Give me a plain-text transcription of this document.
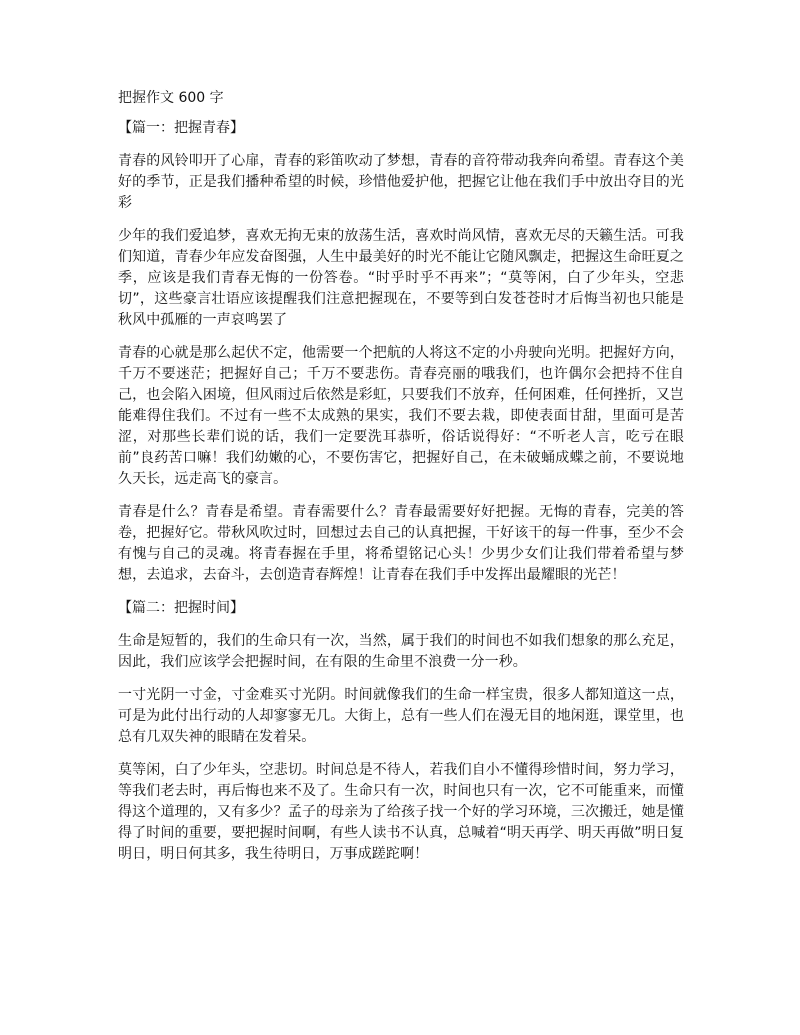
把握作文 600 字
【篇一：把握青春】

青春的风铃叩开了心扉，青春的彩笛吹动了梦想，青春的音符带动我奔向希望。青春这个美好的季节，正是我们播种希望的时候，珍惜他爱护他，把握它让他在我们手中放出夺目的光彩

少年的我们爱追梦，喜欢无拘无束的放荡生活，喜欢时尚风情，喜欢无尽的天籁生活。可我们知道，青春少年应发奋图强，人生中最美好的时光不能让它随风飘走，把握这生命旺夏之季，应该是我们青春无悔的一份答卷。“时乎时乎不再来”；“莫等闲，白了少年头，空悲切”，这些豪言壮语应该提醒我们注意把握现在，不要等到白发苍苍时才后悔当初也只能是秋风中孤雁的一声哀鸣罢了

青春的心就是那么起伏不定，他需要一个把航的人将这不定的小舟驶向光明。把握好方向，千万不要迷茫；把握好自己；千万不要悲伤。青春亮丽的哦我们，也许偶尔会把持不住自己，也会陷入困境，但风雨过后依然是彩虹，只要我们不放弃，任何困难，任何挫折，又岂能难得住我们。不过有一些不太成熟的果实，我们不要去栽，即使表面甘甜，里面可是苦涩，对那些长辈们说的话，我们一定要洗耳恭听，俗话说得好：“不听老人言，吃亏在眼前”良药苦口嘛！我们幼嫩的心，不要伤害它，把握好自己，在未破蛹成蝶之前，不要说地久天长，远走高飞的豪言。

青春是什么？青春是希望。青春需要什么？青春最需要好好把握。无悔的青春，完美的答卷，把握好它。带秋风吹过时，回想过去自己的认真把握，干好该干的每一件事，至少不会有愧与自己的灵魂。将青春握在手里，将希望铭记心头！少男少女们让我们带着希望与梦想，去追求，去奋斗，去创造青春辉煌！让青春在我们手中发挥出最耀眼的光芒！

【篇二：把握时间】

生命是短暂的，我们的生命只有一次，当然，属于我们的时间也不如我们想象的那么充足，因此，我们应该学会把握时间，在有限的生命里不浪费一分一秒。

一寸光阴一寸金，寸金难买寸光阴。时间就像我们的生命一样宝贵，很多人都知道这一点，可是为此付出行动的人却寥寥无几。大街上，总有一些人们在漫无目的地闲逛，课堂里，也总有几双失神的眼睛在发着呆。

莫等闲，白了少年头，空悲切。时间总是不待人，若我们自小不懂得珍惜时间，努力学习，等我们老去时，再后悔也来不及了。生命只有一次，时间也只有一次，它不可能重来，而懂得这个道理的，又有多少？孟子的母亲为了给孩子找一个好的学习环境，三次搬迁，她是懂得了时间的重要，要把握时间啊，有些人读书不认真，总喊着“明天再学、明天再做”明日复明日，明日何其多，我生待明日，万事成蹉跎啊！
